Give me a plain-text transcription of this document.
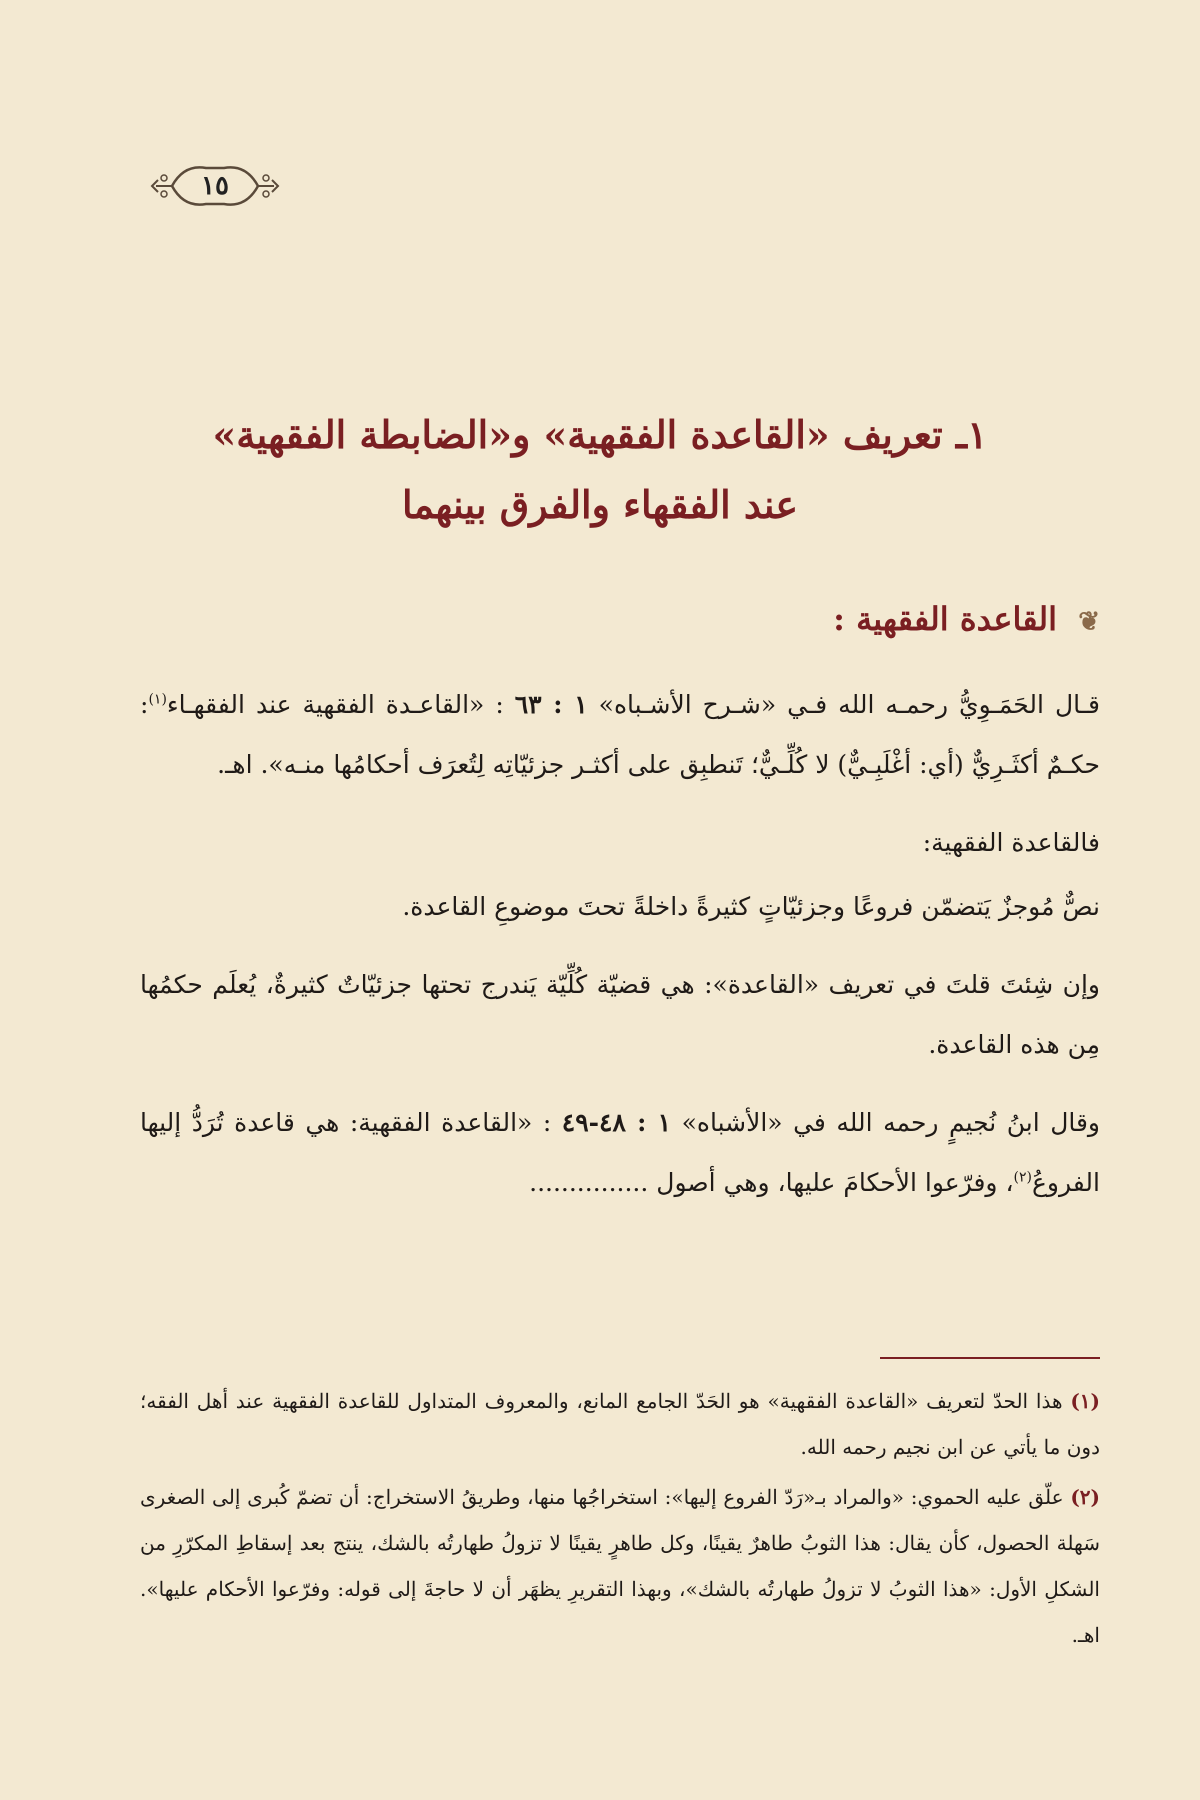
١٥
١ـ تعريف «القاعدة الفقهية» و«الضابطة الفقهية»
عند الفقهاء والفرق بينهما
❦ القاعدة الفقهية :

قـال الحَمَـوِيُّ رحمـه الله فـي «شـرح الأشـباه» ١ : ٦٣ : «القاعـدة الفقهية عند الفقهـاء$^{(١)}$: حكـمٌ أكثَـرِيٌّ (أي: أغْلَبِـيٌّ) لا كُلِّـيٌّ؛ تَنطبِق على أكثـر جزئيّاتِه لِتُعرَف أحكامُها منـه». اهـ.

فالقاعدة الفقهية:

نصٌّ مُوجزٌ يَتضمّن فروعًا وجزئيّاتٍ كثيرةً داخلةً تحتَ موضوعِ القاعدة.

وإن شِئتَ قلتَ في تعريف «القاعدة»: هي قضيّة كُلِّيّة يَندرج تحتها جزئيّاتٌ كثيرةٌ، يُعلَم حكمُها مِن هذه القاعدة.

وقال ابنُ نُجيمٍ رحمه الله في «الأشباه» ١ : ٤٨-٤٩ : «القاعدة الفقهية: هي قاعدة تُرَدُّ إليها الفروعُ$^{(٢)}$، وفرّعوا الأحكامَ عليها، وهي أصول ...............

(١) هذا الحدّ لتعريف «القاعدة الفقهية» هو الحَدّ الجامع المانع، والمعروف المتداول للقاعدة الفقهية عند أهل الفقه؛ دون ما يأتي عن ابن نجيم رحمه الله.

(٢) علّق عليه الحموي: «والمراد بـ«رَدّ الفروع إليها»: استخراجُها منها، وطريقُ الاستخراج: أن تضمّ كُبرى إلى الصغرى سَهلة الحصول، كأن يقال: هذا الثوبُ طاهرٌ يقينًا، وكل طاهرٍ يقينًا لا تزولُ طهارتُه بالشك، ينتج بعد إسقاطِ المكرّرِ من الشكلِ الأول: «هذا الثوبُ لا تزولُ طهارتُه بالشك»، وبهذا التقريرِ يظهَر أن لا حاجةَ إلى قوله: وفرّعوا الأحكام عليها». اهـ.
